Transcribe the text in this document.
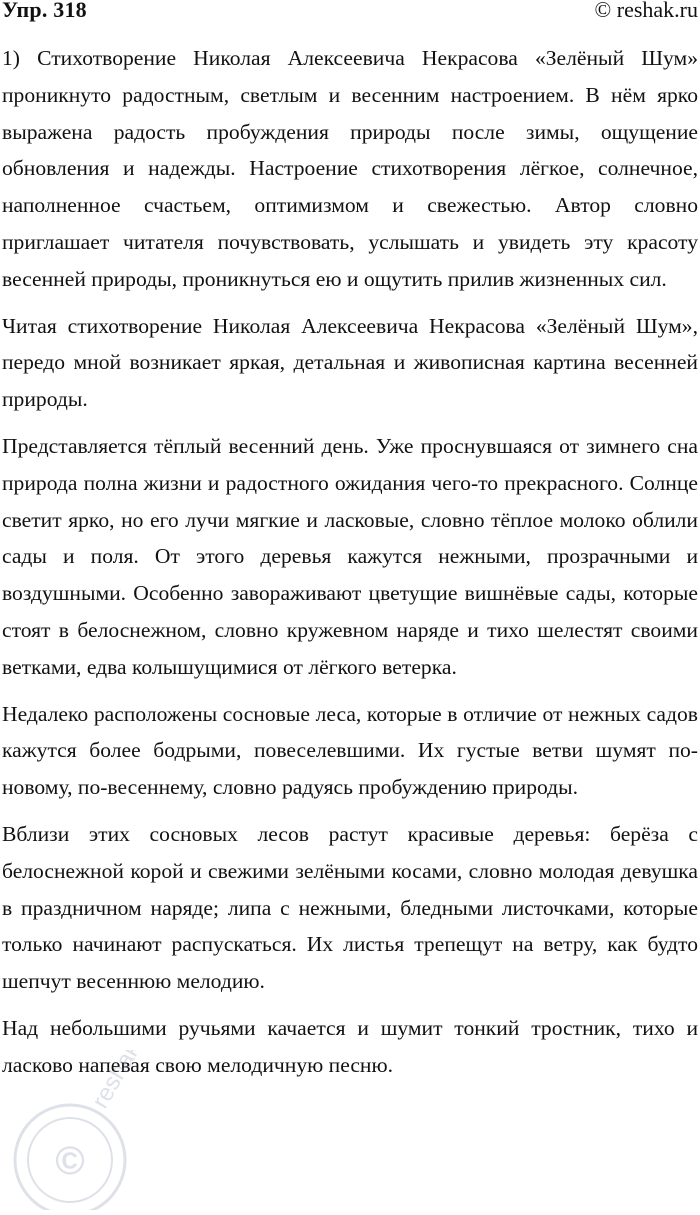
Упр. 318	© reshak.ru

1) Стихотворение Николая Алексеевича Некрасова «Зелёный Шум» проникнуто радостным, светлым и весенним настроением. В нём ярко выражена радость пробуждения природы после зимы, ощущение обновления и надежды. Настроение стихотворения лёгкое, солнечное, наполненное счастьем, оптимизмом и свежестью. Автор словно приглашает читателя почувствовать, услышать и увидеть эту красоту весенней природы, проникнуться ею и ощутить прилив жизненных сил.

Читая стихотворение Николая Алексеевича Некрасова «Зелёный Шум», передо мной возникает яркая, детальная и живописная картина весенней природы.

Представляется тёплый весенний день. Уже проснувшаяся от зимнего сна природа полна жизни и радостного ожидания чего-то прекрасного. Солнце светит ярко, но его лучи мягкие и ласковые, словно тёплое молоко облили сады и поля. От этого деревья кажутся нежными, прозрачными и воздушными. Особенно завораживают цветущие вишнёвые сады, которые стоят в белоснежном, словно кружевном наряде и тихо шелестят своими ветками, едва колышущимися от лёгкого ветерка.

Недалеко расположены сосновые леса, которые в отличие от нежных садов кажутся более бодрыми, повеселевшими. Их густые ветви шумят по-новому, по-весеннему, словно радуясь пробуждению природы.

Вблизи этих сосновых лесов растут красивые деревья: берёза с белоснежной корой и свежими зелёными косами, словно молодая девушка в праздничном наряде; липа с нежными, бледными листочками, которые только начинают распускаться. Их листья трепещут на ветру, как будто шепчут весеннюю мелодию.

Над небольшими ручьями качается и шумит тонкий тростник, тихо и ласково напевая свою мелодичную песню.

©
reshak.ru
